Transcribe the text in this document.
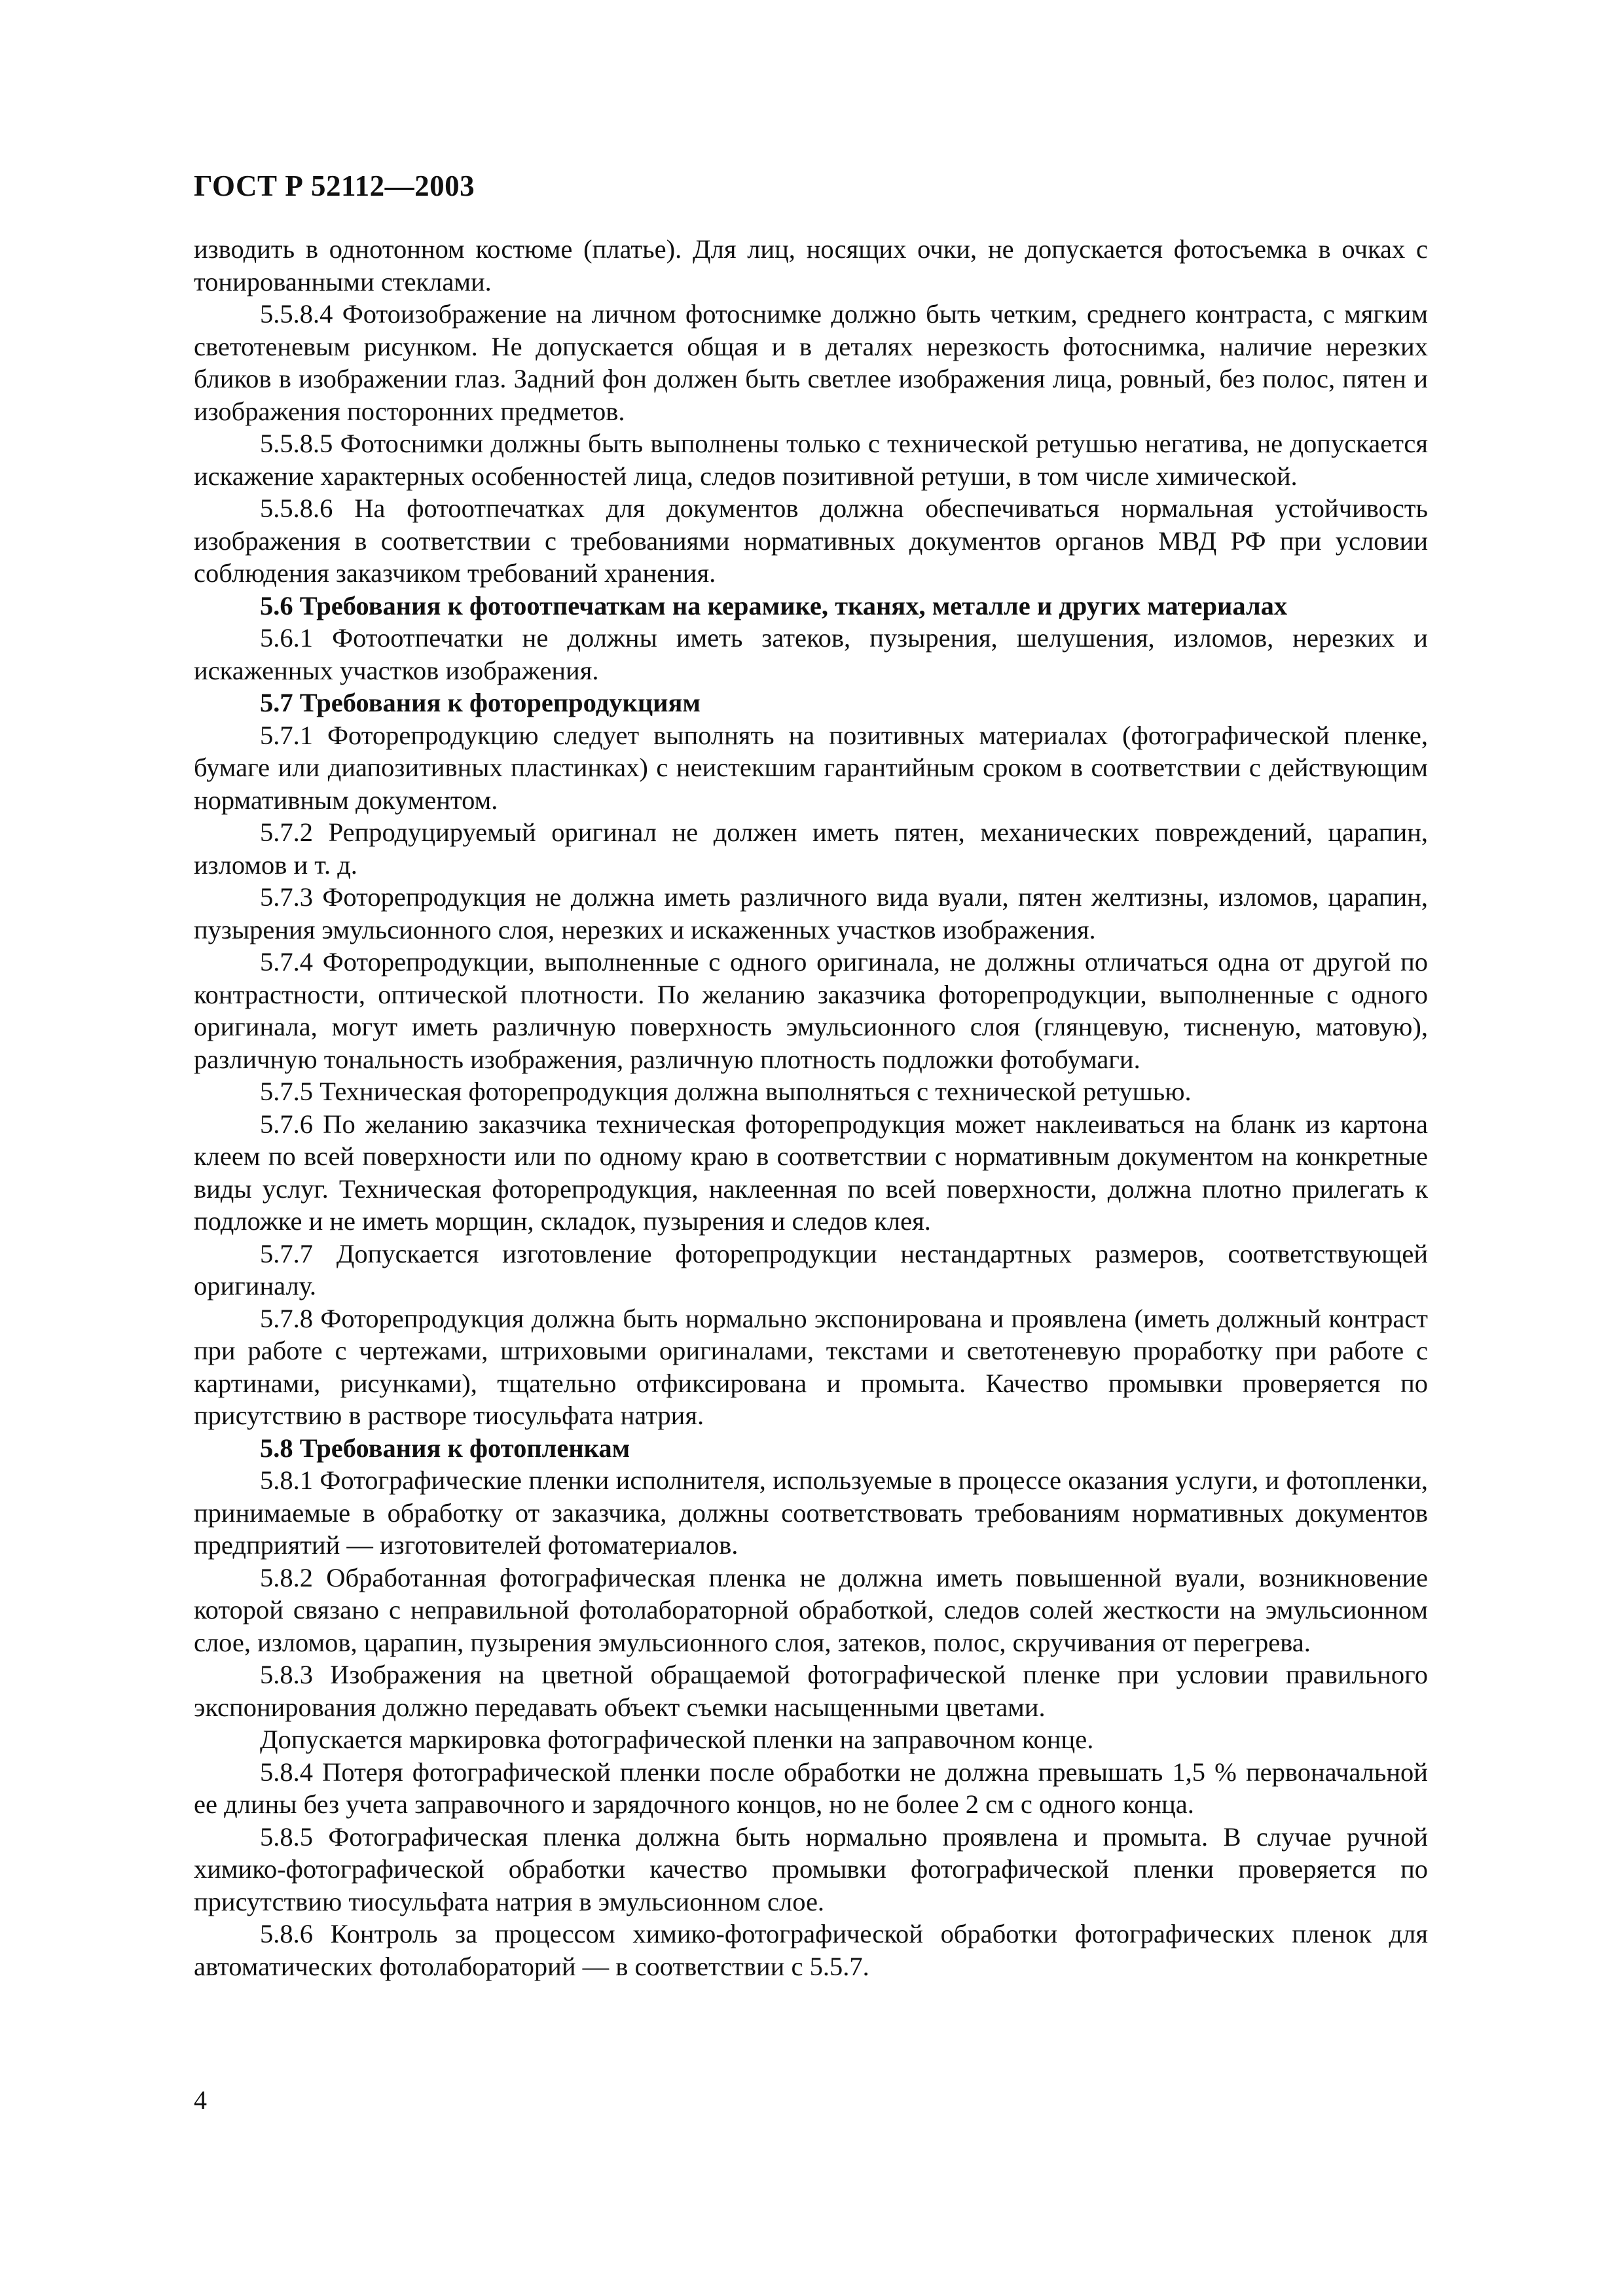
ГОСТ Р 52112—2003

изводить в однотонном костюме (платье). Для лиц, носящих очки, не допускается фотосъемка в очках с тонированными стеклами.

5.5.8.4 Фотоизображение на личном фотоснимке должно быть четким, среднего контраста, с мягким светотеневым рисунком. Не допускается общая и в деталях нерезкость фотоснимка, наличие нерезких бликов в изображении глаз. Задний фон должен быть светлее изображения лица, ровный, без полос, пятен и изображения посторонних предметов.

5.5.8.5 Фотоснимки должны быть выполнены только с технической ретушью негатива, не допускается искажение характерных особенностей лица, следов позитивной ретуши, в том числе химической.

5.5.8.6 На фотоотпечатках для документов должна обеспечиваться нормальная устойчивость изображения в соответствии с требованиями нормативных документов органов МВД РФ при условии соблюдения заказчиком требований хранения.

5.6 Требования к фотоотпечаткам на керамике, тканях, металле и других материалах

5.6.1 Фотоотпечатки не должны иметь затеков, пузырения, шелушения, изломов, нерезких и искаженных участков изображения.

5.7 Требования к фоторепродукциям

5.7.1 Фоторепродукцию следует выполнять на позитивных материалах (фотографической пленке, бумаге или диапозитивных пластинках) с неистекшим гарантийным сроком в соответствии с действующим нормативным документом.

5.7.2 Репродуцируемый оригинал не должен иметь пятен, механических повреждений, царапин, изломов и т. д.

5.7.3 Фоторепродукция не должна иметь различного вида вуали, пятен желтизны, изломов, царапин, пузырения эмульсионного слоя, нерезких и искаженных участков изображения.

5.7.4 Фоторепродукции, выполненные с одного оригинала, не должны отличаться одна от другой по контрастности, оптической плотности. По желанию заказчика фоторепродукции, выполненные с одного оригинала, могут иметь различную поверхность эмульсионного слоя (глянцевую, тисненую, матовую), различную тональность изображения, различную плотность подложки фотобумаги.

5.7.5 Техническая фоторепродукция должна выполняться с технической ретушью.

5.7.6 По желанию заказчика техническая фоторепродукция может наклеиваться на бланк из картона клеем по всей поверхности или по одному краю в соответствии с нормативным документом на конкретные виды услуг. Техническая фоторепродукция, наклеенная по всей поверхности, должна плотно прилегать к подложке и не иметь морщин, складок, пузырения и следов клея.

5.7.7 Допускается изготовление фоторепродукции нестандартных размеров, соответствующей оригиналу.

5.7.8 Фоторепродукция должна быть нормально экспонирована и проявлена (иметь должный контраст при работе с чертежами, штриховыми оригиналами, текстами и светотеневую проработку при работе с картинами, рисунками), тщательно отфиксирована и промыта. Качество промывки проверяется по присутствию в растворе тиосульфата натрия.

5.8 Требования к фотопленкам

5.8.1 Фотографические пленки исполнителя, используемые в процессе оказания услуги, и фотопленки, принимаемые в обработку от заказчика, должны соответствовать требованиям нормативных документов предприятий — изготовителей фотоматериалов.

5.8.2 Обработанная фотографическая пленка не должна иметь повышенной вуали, возникновение которой связано с неправильной фотолабораторной обработкой, следов солей жесткости на эмульсионном слое, изломов, царапин, пузырения эмульсионного слоя, затеков, полос, скручивания от перегрева.

5.8.3 Изображения на цветной обращаемой фотографической пленке при условии правильного экспонирования должно передавать объект съемки насыщенными цветами.

Допускается маркировка фотографической пленки на заправочном конце.

5.8.4 Потеря фотографической пленки после обработки не должна превышать 1,5 % первоначальной ее длины без учета заправочного и зарядочного концов, но не более 2 см с одного конца.

5.8.5 Фотографическая пленка должна быть нормально проявлена и промыта. В случае ручной химико-фотографической обработки качество промывки фотографической пленки проверяется по присутствию тиосульфата натрия в эмульсионном слое.

5.8.6 Контроль за процессом химико-фотографической обработки фотографических пленок для автоматических фотолабораторий — в соответствии с 5.5.7.

4
